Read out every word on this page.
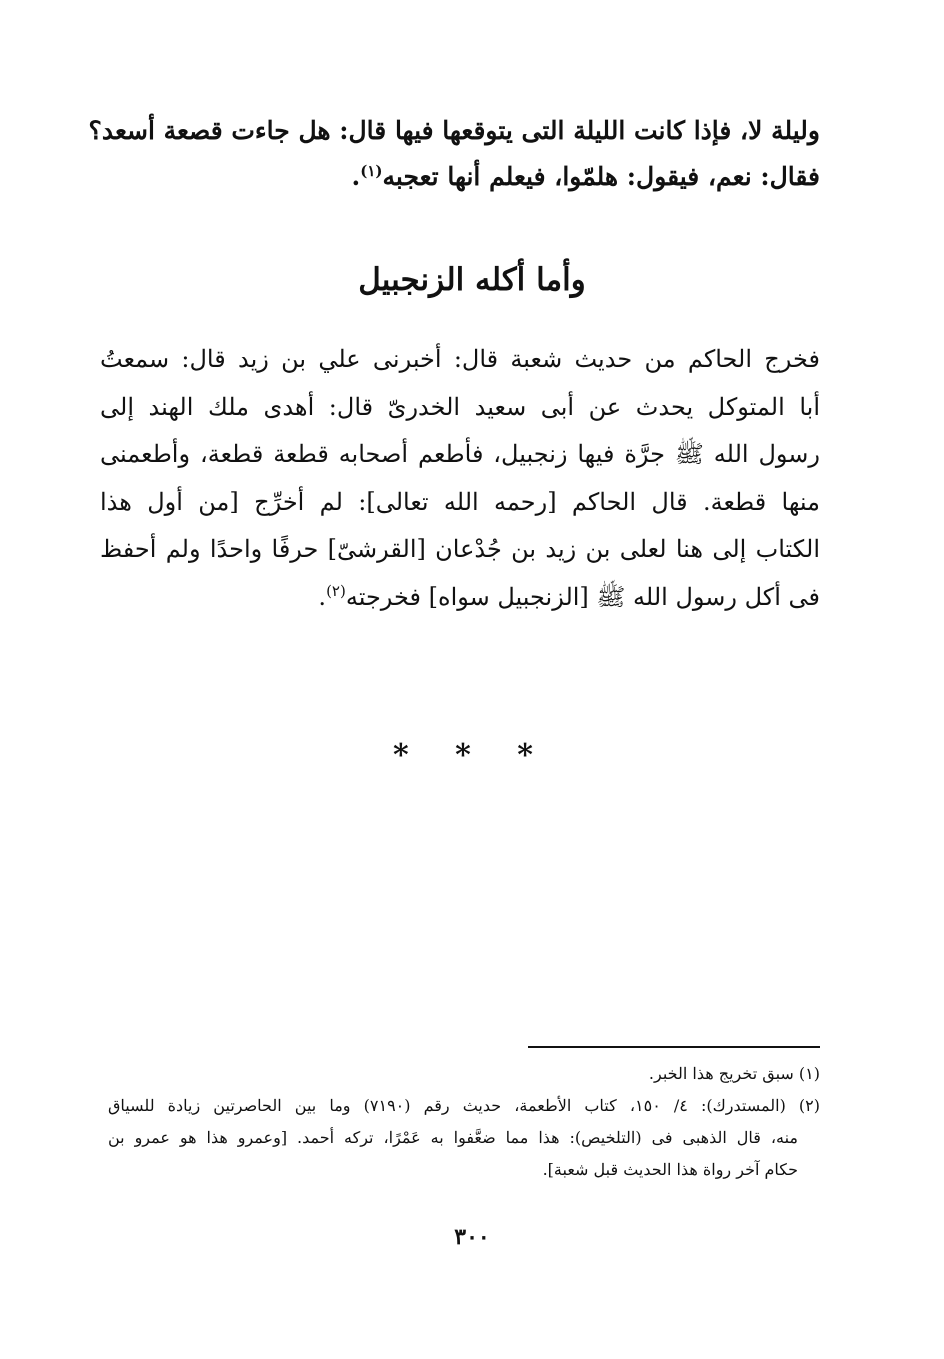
وليلة لا، فإذا كانت الليلة التى يتوقعها فيها قال: هل جاءت قصعة أسعد؟
فقال: نعم، فيقول: هلمّوا، فيعلم أنها تعجبه$^{(١)}$.
وأما أكله الزنجبيل
فخرج الحاكم من حديث شعبة قال: أخبرنى علي بن زيد قال: سمعتُ
أبا المتوكل يحدث عن أبى سعيد الخدرىّ قال: أهدى ملك الهند إلى
رسول الله ﷺ جرَّة فيها زنجبيل، فأطعم أصحابه قطعة قطعة، وأطعمنى
منها قطعة. قال الحاكم [رحمه الله تعالى]: لم أخرِّج [من أول هذا
الكتاب إلى هنا لعلى بن زيد بن جُدْعان [القرشىّ] حرفًا واحدًا ولم أحفظ
فى أكل رسول الله ﷺ [الزنجبيل سواه] فخرجته$^{(٢)}$.
* * *
(١) سبق تخريج هذا الخبر.
(٢) (المستدرك): ٤/ ١٥٠، كتاب الأطعمة، حديث رقم (٧١٩٠) وما بين الحاصرتين زيادة للسياق
منه، قال الذهبى فى (التلخيص): هذا مما ضعَّفوا به عَمْرًا، تركه أحمد. [وعمرو هذا هو عمرو بن
حكام آخر رواة هذا الحديث قبل شعبة].
٣٠٠
